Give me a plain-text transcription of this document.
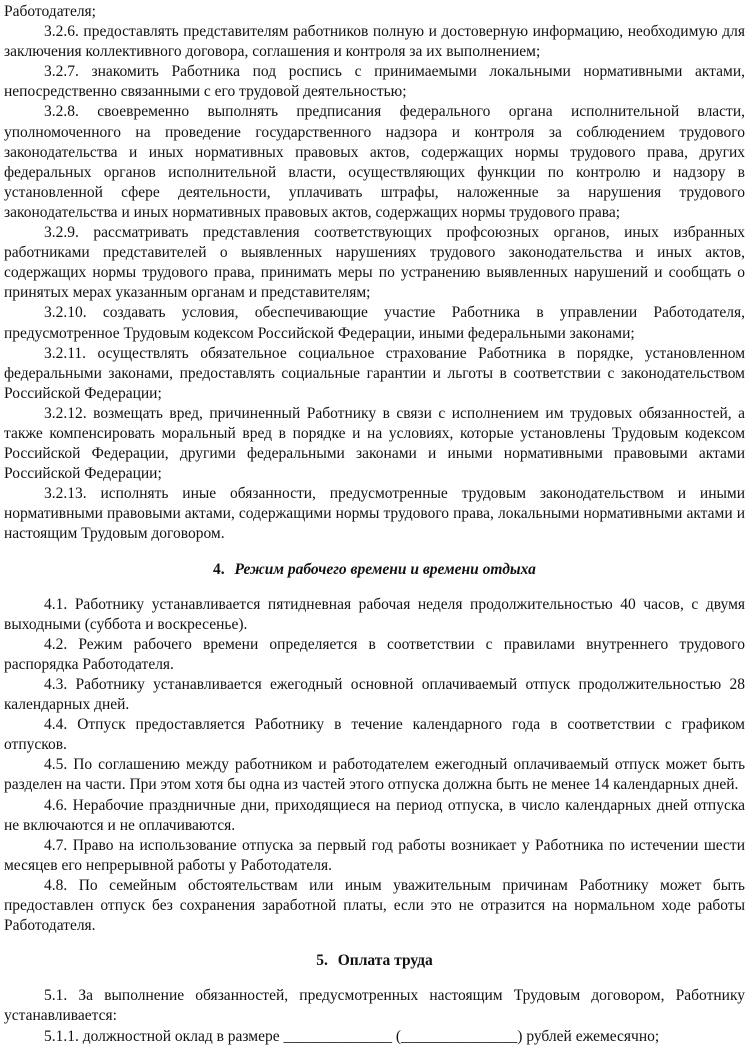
Работодателя;

3.2.6. предоставлять представителям работников полную и достоверную информацию, необходимую для заключения коллективного договора, соглашения и контроля за их выполнением;

3.2.7. знакомить Работника под роспись с принимаемыми локальными нормативными актами, непосредственно связанными с его трудовой деятельностью;

3.2.8. своевременно выполнять предписания федерального органа исполнительной власти, уполномоченного на проведение государственного надзора и контроля за соблюдением трудового законодательства и иных нормативных правовых актов, содержащих нормы трудового права, других федеральных органов исполнительной власти, осуществляющих функции по контролю и надзору в установленной сфере деятельности, уплачивать штрафы, наложенные за нарушения трудового законодательства и иных нормативных правовых актов, содержащих нормы трудового права;

3.2.9. рассматривать представления соответствующих профсоюзных органов, иных избранных работниками представителей о выявленных нарушениях трудового законодательства и иных актов, содержащих нормы трудового права, принимать меры по устранению выявленных нарушений и сообщать о принятых мерах указанным органам и представителям;

3.2.10. создавать условия, обеспечивающие участие Работника в управлении Работодателя, предусмотренное Трудовым кодексом Российской Федерации, иными федеральными законами;

3.2.11. осуществлять обязательное социальное страхование Работника в порядке, установленном федеральными законами, предоставлять социальные гарантии и льготы в соответствии с законодательством Российской Федерации;

3.2.12. возмещать вред, причиненный Работнику в связи с исполнением им трудовых обязанностей, а также компенсировать моральный вред в порядке и на условиях, которые установлены Трудовым кодексом Российской Федерации, другими федеральными законами и иными нормативными правовыми актами Российской Федерации;

3.2.13. исполнять иные обязанности, предусмотренные трудовым законодательством и иными нормативными правовыми актами, содержащими нормы трудового права, локальными нормативными актами и настоящим Трудовым договором.

4. Режим рабочего времени и времени отдыха

4.1. Работнику устанавливается пятидневная рабочая неделя продолжительностью 40 часов, с двумя выходными (суббота и воскресенье).

4.2. Режим рабочего времени определяется в соответствии с правилами внутреннего трудового распорядка Работодателя.

4.3. Работнику устанавливается ежегодный основной оплачиваемый отпуск продолжительностью 28 календарных дней.

4.4. Отпуск предоставляется Работнику в течение календарного года в соответствии с графиком отпусков.

4.5. По соглашению между работником и работодателем ежегодный оплачиваемый отпуск может быть разделен на части. При этом хотя бы одна из частей этого отпуска должна быть не менее 14 календарных дней.

4.6. Нерабочие праздничные дни, приходящиеся на период отпуска, в число календарных дней отпуска не включаются и не оплачиваются.

4.7. Право на использование отпуска за первый год работы возникает у Работника по истечении шести месяцев его непрерывной работы у Работодателя.

4.8. По семейным обстоятельствам или иным уважительным причинам Работнику может быть предоставлен отпуск без сохранения заработной платы, если это не отразится на нормальном ходе работы Работодателя.

5. Оплата труда

5.1. За выполнение обязанностей, предусмотренных настоящим Трудовым договором, Работнику устанавливается:

5.1.1. должностной оклад в размере ______________ (_______________) рублей ежемесячно;
